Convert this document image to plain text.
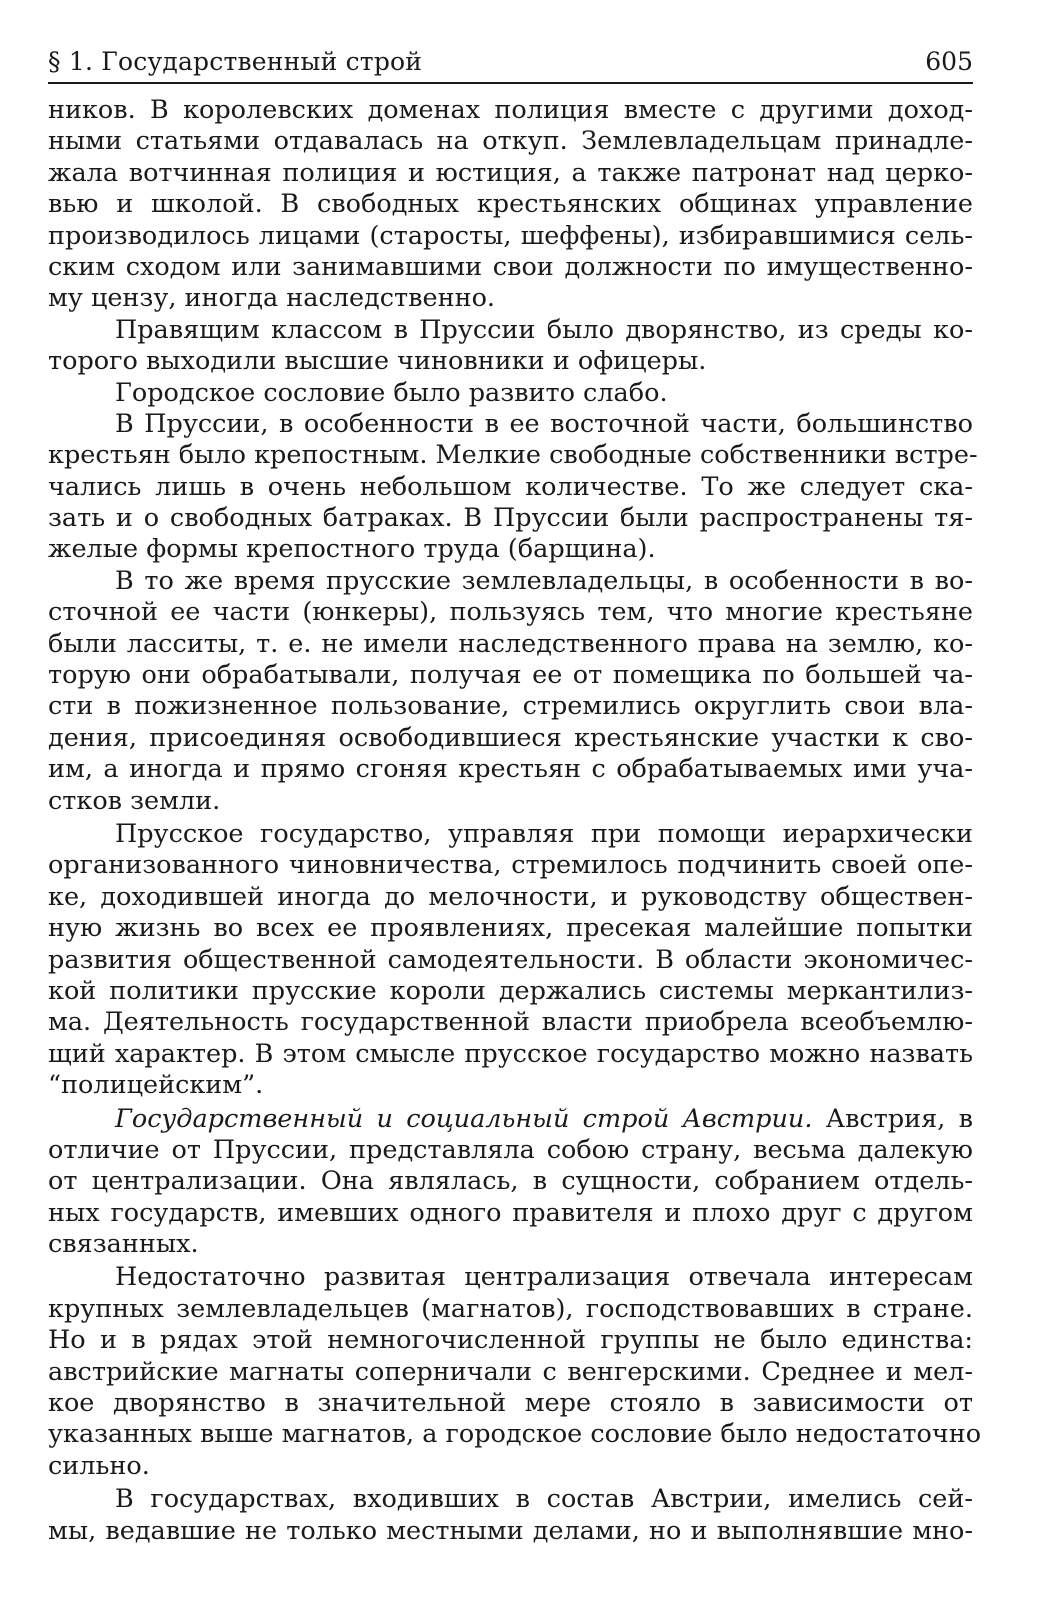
§ 1. Государственный строй	605
ников. В королевских доменах полиция вместе с другими доход-
ными статьями отдавалась на откуп. Землевладельцам принадле-
жала вотчинная полиция и юстиция, а также патронат над церко-
вью и школой. В свободных крестьянских общинах управление
производилось лицами (старосты, шеффены), избиравшимися сель-
ским сходом или занимавшими свои должности по имущественно-
му цензу, иногда наследственно.
Правящим классом в Пруссии было дворянство, из среды ко-
торого выходили высшие чиновники и офицеры.
Городское сословие было развито слабо.
В Пруссии, в особенности в ее восточной части, большинство
крестьян было крепостным. Мелкие свободные собственники встре-
чались лишь в очень небольшом количестве. То же следует ска-
зать и о свободных батраках. В Пруссии были распространены тя-
желые формы крепостного труда (барщина).
В то же время прусские землевладельцы, в особенности в во-
сточной ее части (юнкеры), пользуясь тем, что многие крестьяне
были ласситы, т. е. не имели наследственного права на землю, ко-
торую они обрабатывали, получая ее от помещика по большей ча-
сти в пожизненное пользование, стремились округлить свои вла-
дения, присоединяя освободившиеся крестьянские участки к сво-
им, а иногда и прямо сгоняя крестьян с обрабатываемых ими уча-
стков земли.
Прусское государство, управляя при помощи иерархически
организованного чиновничества, стремилось подчинить своей опе-
ке, доходившей иногда до мелочности, и руководству обществен-
ную жизнь во всех ее проявлениях, пресекая малейшие попытки
развития общественной самодеятельности. В области экономичес-
кой политики прусские короли держались системы меркантилиз-
ма. Деятельность государственной власти приобрела всеобъемлю-
щий характер. В этом смысле прусское государство можно назвать
“полицейским”.
Государственный и социальный строй Австрии. Австрия, в
отличие от Пруссии, представляла собою страну, весьма далекую
от централизации. Она являлась, в сущности, собранием отдель-
ных государств, имевших одного правителя и плохо друг с другом
связанных.
Недостаточно развитая централизация отвечала интересам
крупных землевладельцев (магнатов), господствовавших в стране.
Но и в рядах этой немногочисленной группы не было единства:
австрийские магнаты соперничали с венгерскими. Среднее и мел-
кое дворянство в значительной мере стояло в зависимости от
указанных выше магнатов, а городское сословие было недостаточно
сильно.
В государствах, входивших в состав Австрии, имелись сей-
мы, ведавшие не только местными делами, но и выполнявшие мно-
